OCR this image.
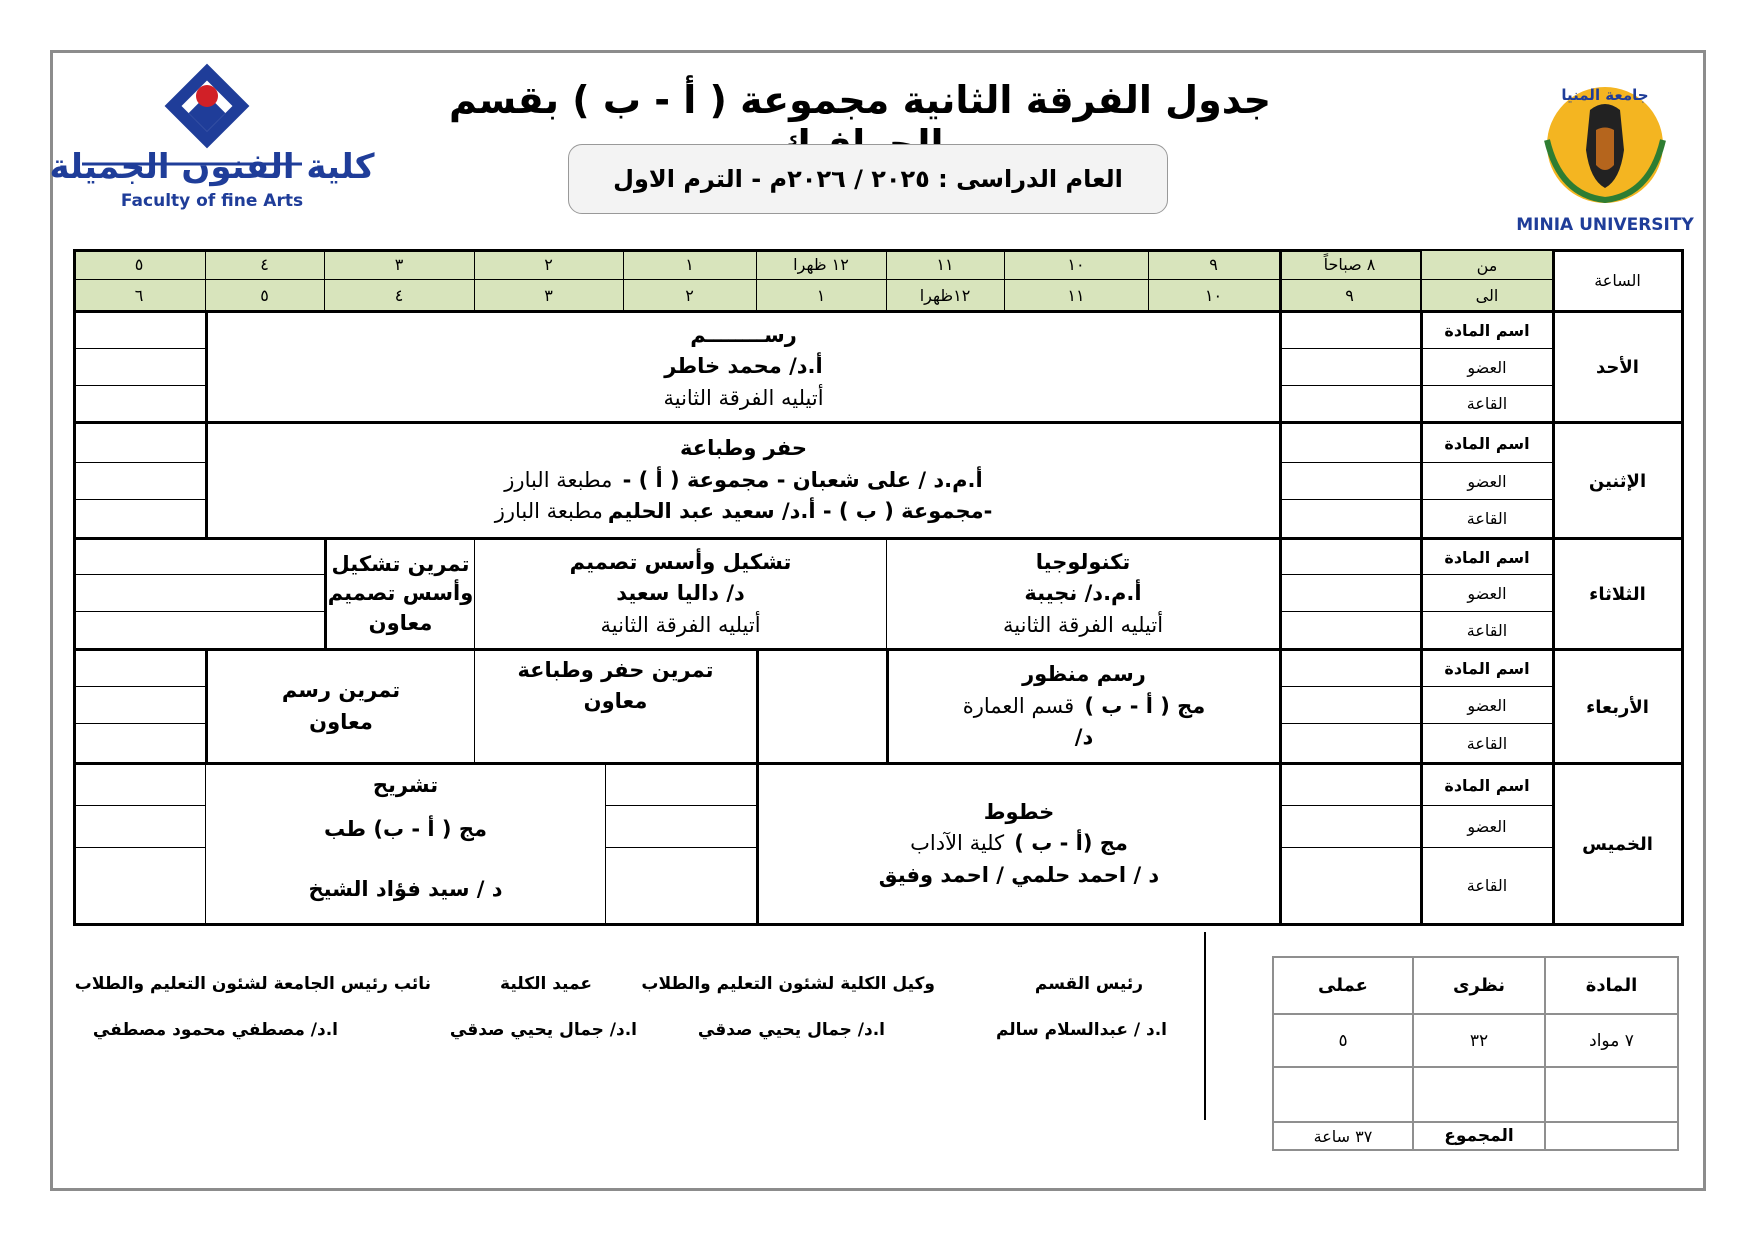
كلية الفنون الجميلة
Faculty of fine Arts
جامعة المنيا
MINIA UNIVERSITY
جدول الفرقة الثانية مجموعة ( أ - ب ) بقسم
العام الدراسى : ٢٠٢٥ / ٢٠٢٦م - الترم الاول
الساعة
من
الى
٨ صباحاً
٩
١٠
١١
١٢ ظهرا
١
٢
٣
٤
٥
٩
١٠
١١
١٢ظهرا
١
٢
٣
٤
٥
٦
الأحد
الإثنين
الثلاثاء
الأربعاء
الخميس
اسم المادة
العضو
القاعة
اسم المادة
العضو
القاعة
اسم المادة
العضو
القاعة
اسم المادة
العضو
القاعة
اسم المادة
العضو
القاعة
رســــــــم
أ.د/ محمد خاطر
أتيليه الفرقة الثانية
حفر وطباعة
أ.م.د / على شعبان - مجموعة ( أ ) -  مطبعة البارز
-مجموعة ( ب ) - أ.د/ سعيد عبد الحليم مطبعة البارز
تكنولوجيا
أ.م.د/ نجيبة
أتيليه الفرقة الثانية
تشكيل وأسس تصميم
د/ داليا سعيد
أتيليه الفرقة الثانية
تمرين تشكيل
وأسس تصميم
معاون
رسم منظور
مج ( أ - ب )  قسم العمارة
د/
تمرين حفر وطباعة
معاون
تمرين رسم
معاون
خطوط
مج (أ - ب )  كلية الآداب
د / احمد حلمي / احمد وفيق
تشريح
مج ( أ - ب) طب
د / سيد فؤاد الشيخ
رئيس القسم
ا.د / عبدالسلام سالم
وكيل الكلية لشئون التعليم والطلاب
ا.د/ جمال يحيي صدقي
عميد الكلية
ا.د/ جمال يحيي صدقي
نائب رئيس الجامعة لشئون التعليم والطلاب
ا.د/ مصطفي محمود مصطفي
المادة
نظرى
عملى
٧ مواد
٣٢
٥
المجموع
٣٧ ساعة
